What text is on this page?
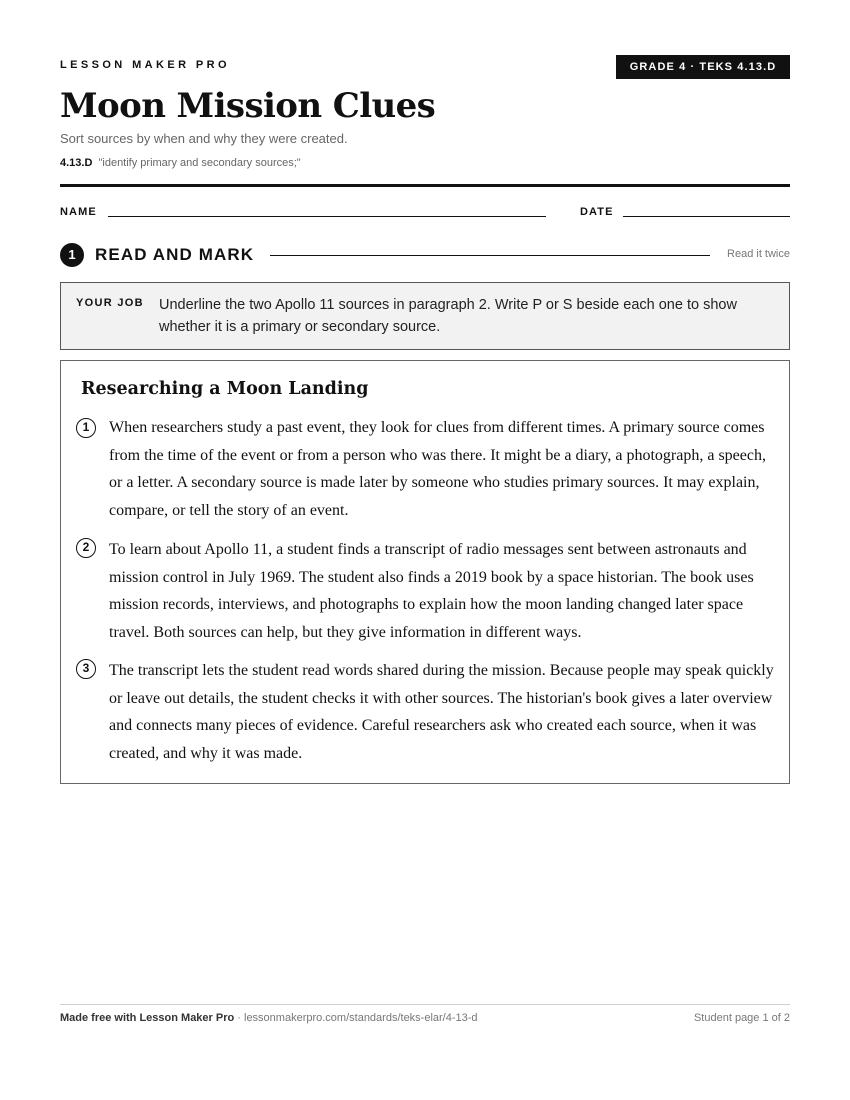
LESSON MAKER PRO	GRADE 4 · TEKS 4.13.D
Moon Mission Clues
Sort sources by when and why they were created.
4.13.D "identify primary and secondary sources;"
NAME	DATE
1	READ AND MARK	Read it twice
YOUR JOB Underline the two Apollo 11 sources in paragraph 2. Write P or S beside each one to show whether it is a primary or secondary source.
Researching a Moon Landing
1	When researchers study a past event, they look for clues from different times. A primary source comes from the time of the event or from a person who was there. It might be a diary, a photograph, a speech, or a letter. A secondary source is made later by someone who studies primary sources. It may explain, compare, or tell the story of an event.
2	To learn about Apollo 11, a student finds a transcript of radio messages sent between astronauts and mission control in July 1969. The student also finds a 2019 book by a space historian. The book uses mission records, interviews, and photographs to explain how the moon landing changed later space travel. Both sources can help, but they give information in different ways.
3	The transcript lets the student read words shared during the mission. Because people may speak quickly or leave out details, the student checks it with other sources. The historian's book gives a later overview and connects many pieces of evidence. Careful researchers ask who created each source, when it was created, and why it was made.
Made free with Lesson Maker Pro · lessonmakerpro.com/standards/teks-elar/4-13-d	Student page 1 of 2
